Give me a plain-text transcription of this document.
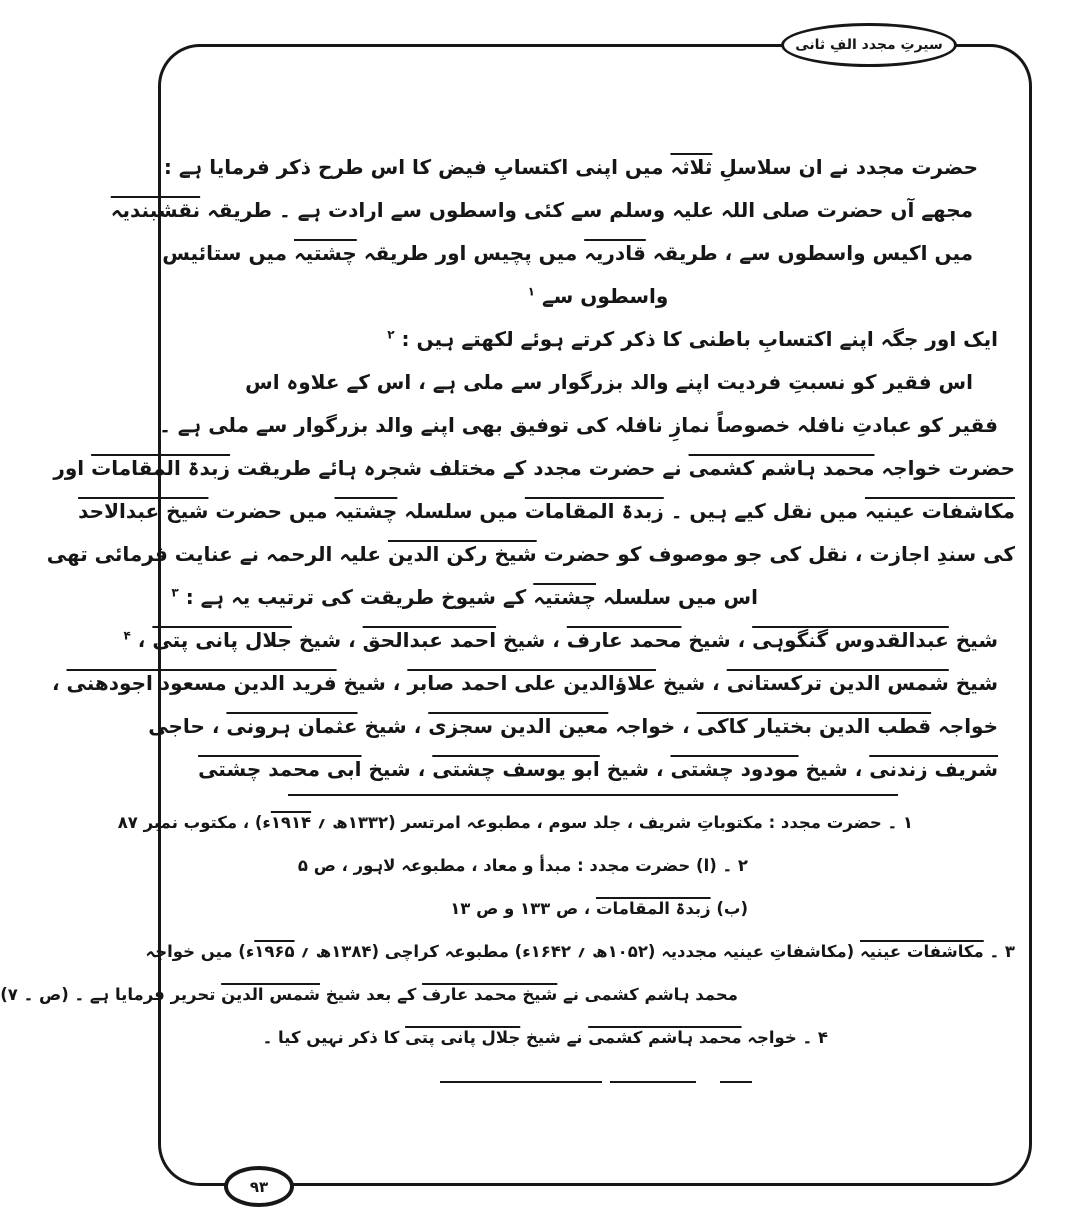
سیرتِ مجدد الفِ ثانی
۹۳
حضرت مجدد نے ان سلاسلِ ثلاثہ میں اپنی اکتسابِ فیض کا اس طرح ذکر فرمایا ہے :
مجھے آں حضرت صلی اللہ علیہ وسلم سے کئی واسطوں سے ارادت ہے ۔ طریقہ نقشبندیہ
میں اکیس واسطوں سے ، طریقہ قادریہ میں پچیس اور طریقہ چشتیہ میں ستائیس
واسطوں سے $^۱$
ایک اور جگہ اپنے اکتسابِ باطنی کا ذکر کرتے ہوئے لکھتے ہیں : $^۲$
اس فقیر کو نسبتِ فردیت اپنے والد بزرگوار سے ملی ہے ، اس کے علاوہ اس
فقیر کو عبادتِ نافلہ خصوصاً نمازِ نافلہ کی توفیق بھی اپنے والد بزرگوار سے ملی ہے ۔
حضرت خواجہ محمد ہاشم کشمی نے حضرت مجدد کے مختلف شجرہ ہائے طریقت زبدۃ المقامات اور
مکاشفات عینیہ میں نقل کیے ہیں ۔ زبدۃ المقامات میں سلسلہ چشتیہ میں حضرت شیخ عبدالاحد
کی سندِ اجازت ، نقل کی جو موصوف کو حضرت شیخ رکن الدین علیہ الرحمہ نے عنایت فرمائی تھی
اس میں سلسلہ چشتیہ کے شیوخ طریقت کی ترتیب یہ ہے : $^۳$
شیخ عبدالقدوس گنگوہی ، شیخ محمد عارف ، شیخ احمد عبدالحق ، شیخ جلال پانی پتی ، $^۴$
شیخ شمس الدین ترکستانی ، شیخ علاؤالدین علی احمد صابر ، شیخ فرید الدین مسعود اجودھنی ،
خواجہ قطب الدین بختیار کاکی ، خواجہ معین الدین سجزی ، شیخ عثمان ہرونی ، حاجی
شریف زندنی ، شیخ مودود چشتی ، شیخ ابو یوسف چشتی ، شیخ ابی محمد چشتی
۱ ۔ حضرت مجدد : مکتوباتِ شریف ، جلد سوم ، مطبوعہ امرتسر (۱۳۳۲ھ ؍ ۱۹۱۴ء) ، مکتوب نمبر ۸۷
۲ ۔ (ا) حضرت مجدد : مبدأ و معاد ، مطبوعہ لاہور ، ص ۵
(ب) زبدۃ المقامات ، ص ۱۳۳ و ص ۱۳
۳ ۔ مکاشفات عینیہ (مکاشفاتِ عینیہ مجددیہ (۱۰۵۲ھ ؍ ۱۶۴۲ء) مطبوعہ کراچی (۱۳۸۴ھ ؍ ۱۹۶۵ء) میں خواجہ
محمد ہاشم کشمی نے شیخ محمد عارف کے بعد شیخ شمس الدین تحریر فرمایا ہے ۔ (ص ۔ ۷)
۴ ۔ خواجہ محمد ہاشم کشمی نے شیخ جلال پانی پتی کا ذکر نہیں کیا ۔
